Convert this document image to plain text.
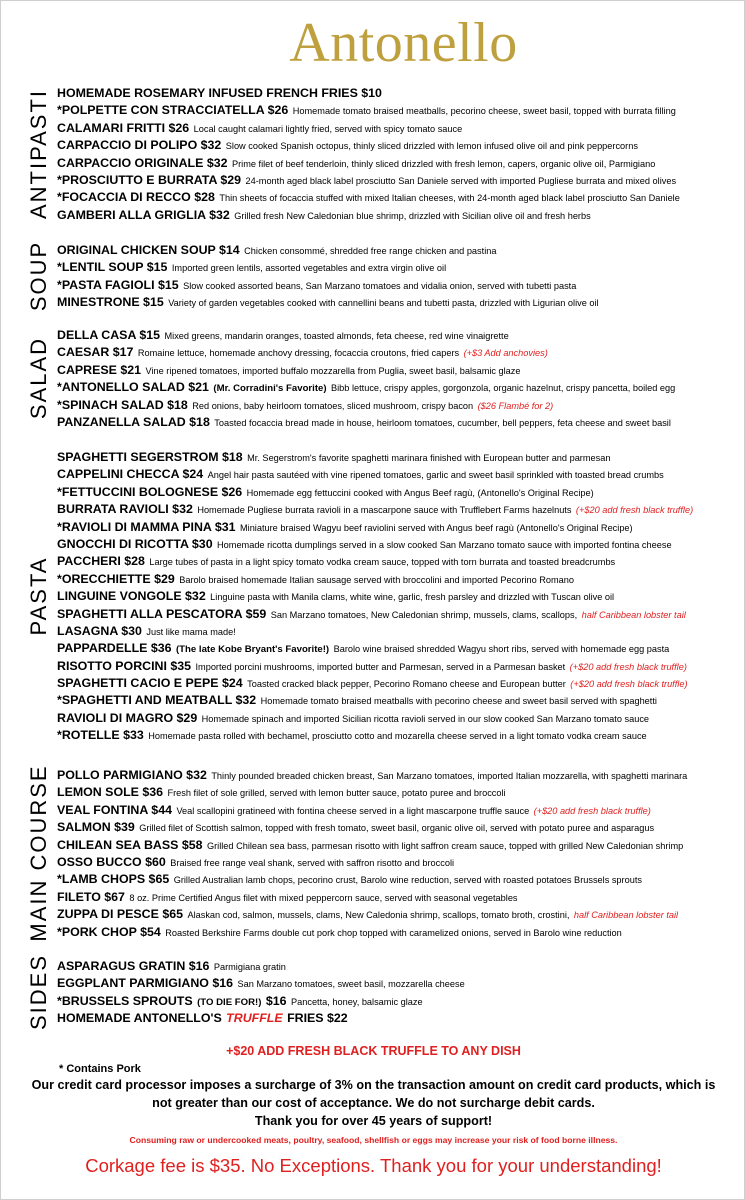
Antonello
ANTIPASTI HOMEMADE ROSEMARY INFUSED FRENCH FRIES $10
*POLPETTE CON STRACCIATELLA $26 Homemade tomato braised meatballs, pecorino cheese, sweet basil, topped with burrata filling
CALAMARI FRITTI $26 Local caught calamari lightly fried, served with spicy tomato sauce
CARPACCIO DI POLIPO $32 Slow cooked Spanish octopus, thinly sliced drizzled with lemon infused olive oil and pink peppercorns
CARPACCIO ORIGINALE $32 Prime filet of beef tenderloin, thinly sliced drizzled with fresh lemon, capers, organic olive oil, Parmigiano
*PROSCIUTTO E BURRATA $29 24-month aged black label prosciutto San Daniele served with imported Pugliese burrata and mixed olives
*FOCACCIA DI RECCO $28 Thin sheets of focaccia stuffed with mixed Italian cheeses, with 24-month aged black label prosciutto San Daniele
GAMBERI ALLA GRIGLIA $32 Grilled fresh New Caledonian blue shrimp, drizzled with Sicilian olive oil and fresh herbs
SOUP ORIGINAL CHICKEN SOUP $14 Chicken consommé, shredded free range chicken and pastina
*LENTIL SOUP $15 Imported green lentils, assorted vegetables and extra virgin olive oil
*PASTA FAGIOLI $15 Slow cooked assorted beans, San Marzano tomatoes and vidalia onion, served with tubetti pasta
MINESTRONE $15 Variety of garden vegetables cooked with cannellini beans and tubetti pasta, drizzled with Ligurian olive oil
SALAD
DELLA CASA $15 Mixed greens, mandarin oranges, toasted almonds, feta cheese, red wine vinaigrette
CAESAR $17 Romaine lettuce, homemade anchovy dressing, focaccia croutons, fried capers (+$3 Add anchovies)
CAPRESE $21 Vine ripened tomatoes, imported buffalo mozzarella from Puglia, sweet basil, balsamic glaze
*ANTONELLO SALAD $21 (Mr. Corradini's Favorite) Bibb lettuce, crispy apples, gorgonzola, organic hazelnut, crispy pancetta, boiled egg
*SPINACH SALAD $18 Red onions, baby heirloom tomatoes, sliced mushroom, crispy bacon ($26 Flambé for 2)
PANZANELLA SALAD $18 Toasted focaccia bread made in house, heirloom tomatoes, cucumber, bell peppers, feta cheese and sweet basil
PASTA
SPAGHETTI SEGERSTROM $18 Mr. Segerstrom's favorite spaghetti marinara finished with European butter and parmesan
CAPPELINI CHECCA $24 Angel hair pasta sautéed with vine ripened tomatoes, garlic and sweet basil sprinkled with toasted bread crumbs
*FETTUCCINI BOLOGNESE $26 Homemade egg fettuccini cooked with Angus Beef ragù, (Antonello's Original Recipe)
BURRATA RAVIOLI $32 Homemade Pugliese burrata ravioli in a mascarpone sauce with Trufflebert Farms hazelnuts (+$20 add fresh black truffle)
*RAVIOLI DI MAMMA PINA $31 Miniature braised Wagyu beef raviolini served with Angus beef ragù (Antonello's Original Recipe)
GNOCCHI DI RICOTTA $30 Homemade ricotta dumplings served in a slow cooked San Marzano tomato sauce with imported fontina cheese
PACCHERI $28 Large tubes of pasta in a light spicy tomato vodka cream sauce, topped with torn burrata and toasted breadcrumbs
*ORECCHIETTE $29 Barolo braised homemade Italian sausage served with broccolini and imported Pecorino Romano
LINGUINE VONGOLE $32 Linguine pasta with Manila clams, white wine, garlic, fresh parsley and drizzled with Tuscan olive oil
SPAGHETTI ALLA PESCATORA $59 San Marzano tomatoes, New Caledonian shrimp, mussels, clams, scallops, half Caribbean lobster tail
LASAGNA $30 Just like mama made!
PAPPARDELLE $36 (The late Kobe Bryant's Favorite!) Barolo wine braised shredded Wagyu short ribs, served with homemade egg pasta
RISOTTO PORCINI $35 Imported porcini mushrooms, imported butter and Parmesan, served in a Parmesan basket (+$20 add fresh black truffle)
SPAGHETTI CACIO E PEPE $24 Toasted cracked black pepper, Pecorino Romano cheese and European butter (+$20 add fresh black truffle)
*SPAGHETTI AND MEATBALL $32 Homemade tomato braised meatballs with pecorino cheese and sweet basil served with spaghetti
RAVIOLI DI MAGRO $29 Homemade spinach and imported Sicilian ricotta ravioli served in our slow cooked San Marzano tomato sauce
*ROTELLE $33 Homemade pasta rolled with bechamel, prosciutto cotto and mozarella cheese served in a light tomato vodka cream sauce
MAIN COURSE POLLO PARMIGIANO $32 Thinly pounded breaded chicken breast, San Marzano tomatoes, imported Italian mozzarella, with spaghetti marinara
LEMON SOLE $36 Fresh filet of sole grilled, served with lemon butter sauce, potato puree and broccoli
VEAL FONTINA $44 Veal scallopini gratineed with fontina cheese served in a light mascarpone truffle sauce (+$20 add fresh black truffle)
SALMON $39 Grilled filet of Scottish salmon, topped with fresh tomato, sweet basil, organic olive oil, served with potato puree and asparagus
CHILEAN SEA BASS $58 Grilled Chilean sea bass, parmesan risotto with light saffron cream sauce, topped with grilled New Caledonian shrimp
OSSO BUCCO $60 Braised free range veal shank, served with saffron risotto and broccoli
*LAMB CHOPS $65 Grilled Australian lamb chops, pecorino crust, Barolo wine reduction, served with roasted potatoes Brussels sprouts
FILETO $67 8 oz. Prime Certified Angus filet with mixed peppercorn sauce, served with seasonal vegetables
ZUPPA DI PESCE $65 Alaskan cod, salmon, mussels, clams, New Caledonia shrimp, scallops, tomato broth, crostini, half Caribbean lobster tail
*PORK CHOP $54 Roasted Berkshire Farms double cut pork chop topped with caramelized onions, served in Barolo wine reduction
SIDES ASPARAGUS GRATIN $16 Parmigiana gratin
EGGPLANT PARMIGIANO $16 San Marzano tomatoes, sweet basil, mozzarella cheese
*BRUSSELS SPROUTS (TO DIE FOR!) $16 Pancetta, honey, balsamic glaze
HOMEMADE ANTONELLO'S TRUFFLE FRIES $22
+$20 ADD FRESH BLACK TRUFFLE TO ANY DISH
* Contains Pork
Our credit card processor imposes a surcharge of 3% on the transaction amount on credit card products, which is not greater than our cost of acceptance. We do not surcharge debit cards.
Thank you for over 45 years of support!
Consuming raw or undercooked meats, poultry, seafood, shellfish or eggs may increase your risk of food borne illness.
Corkage fee is $35. No Exceptions. Thank you for your understanding!
